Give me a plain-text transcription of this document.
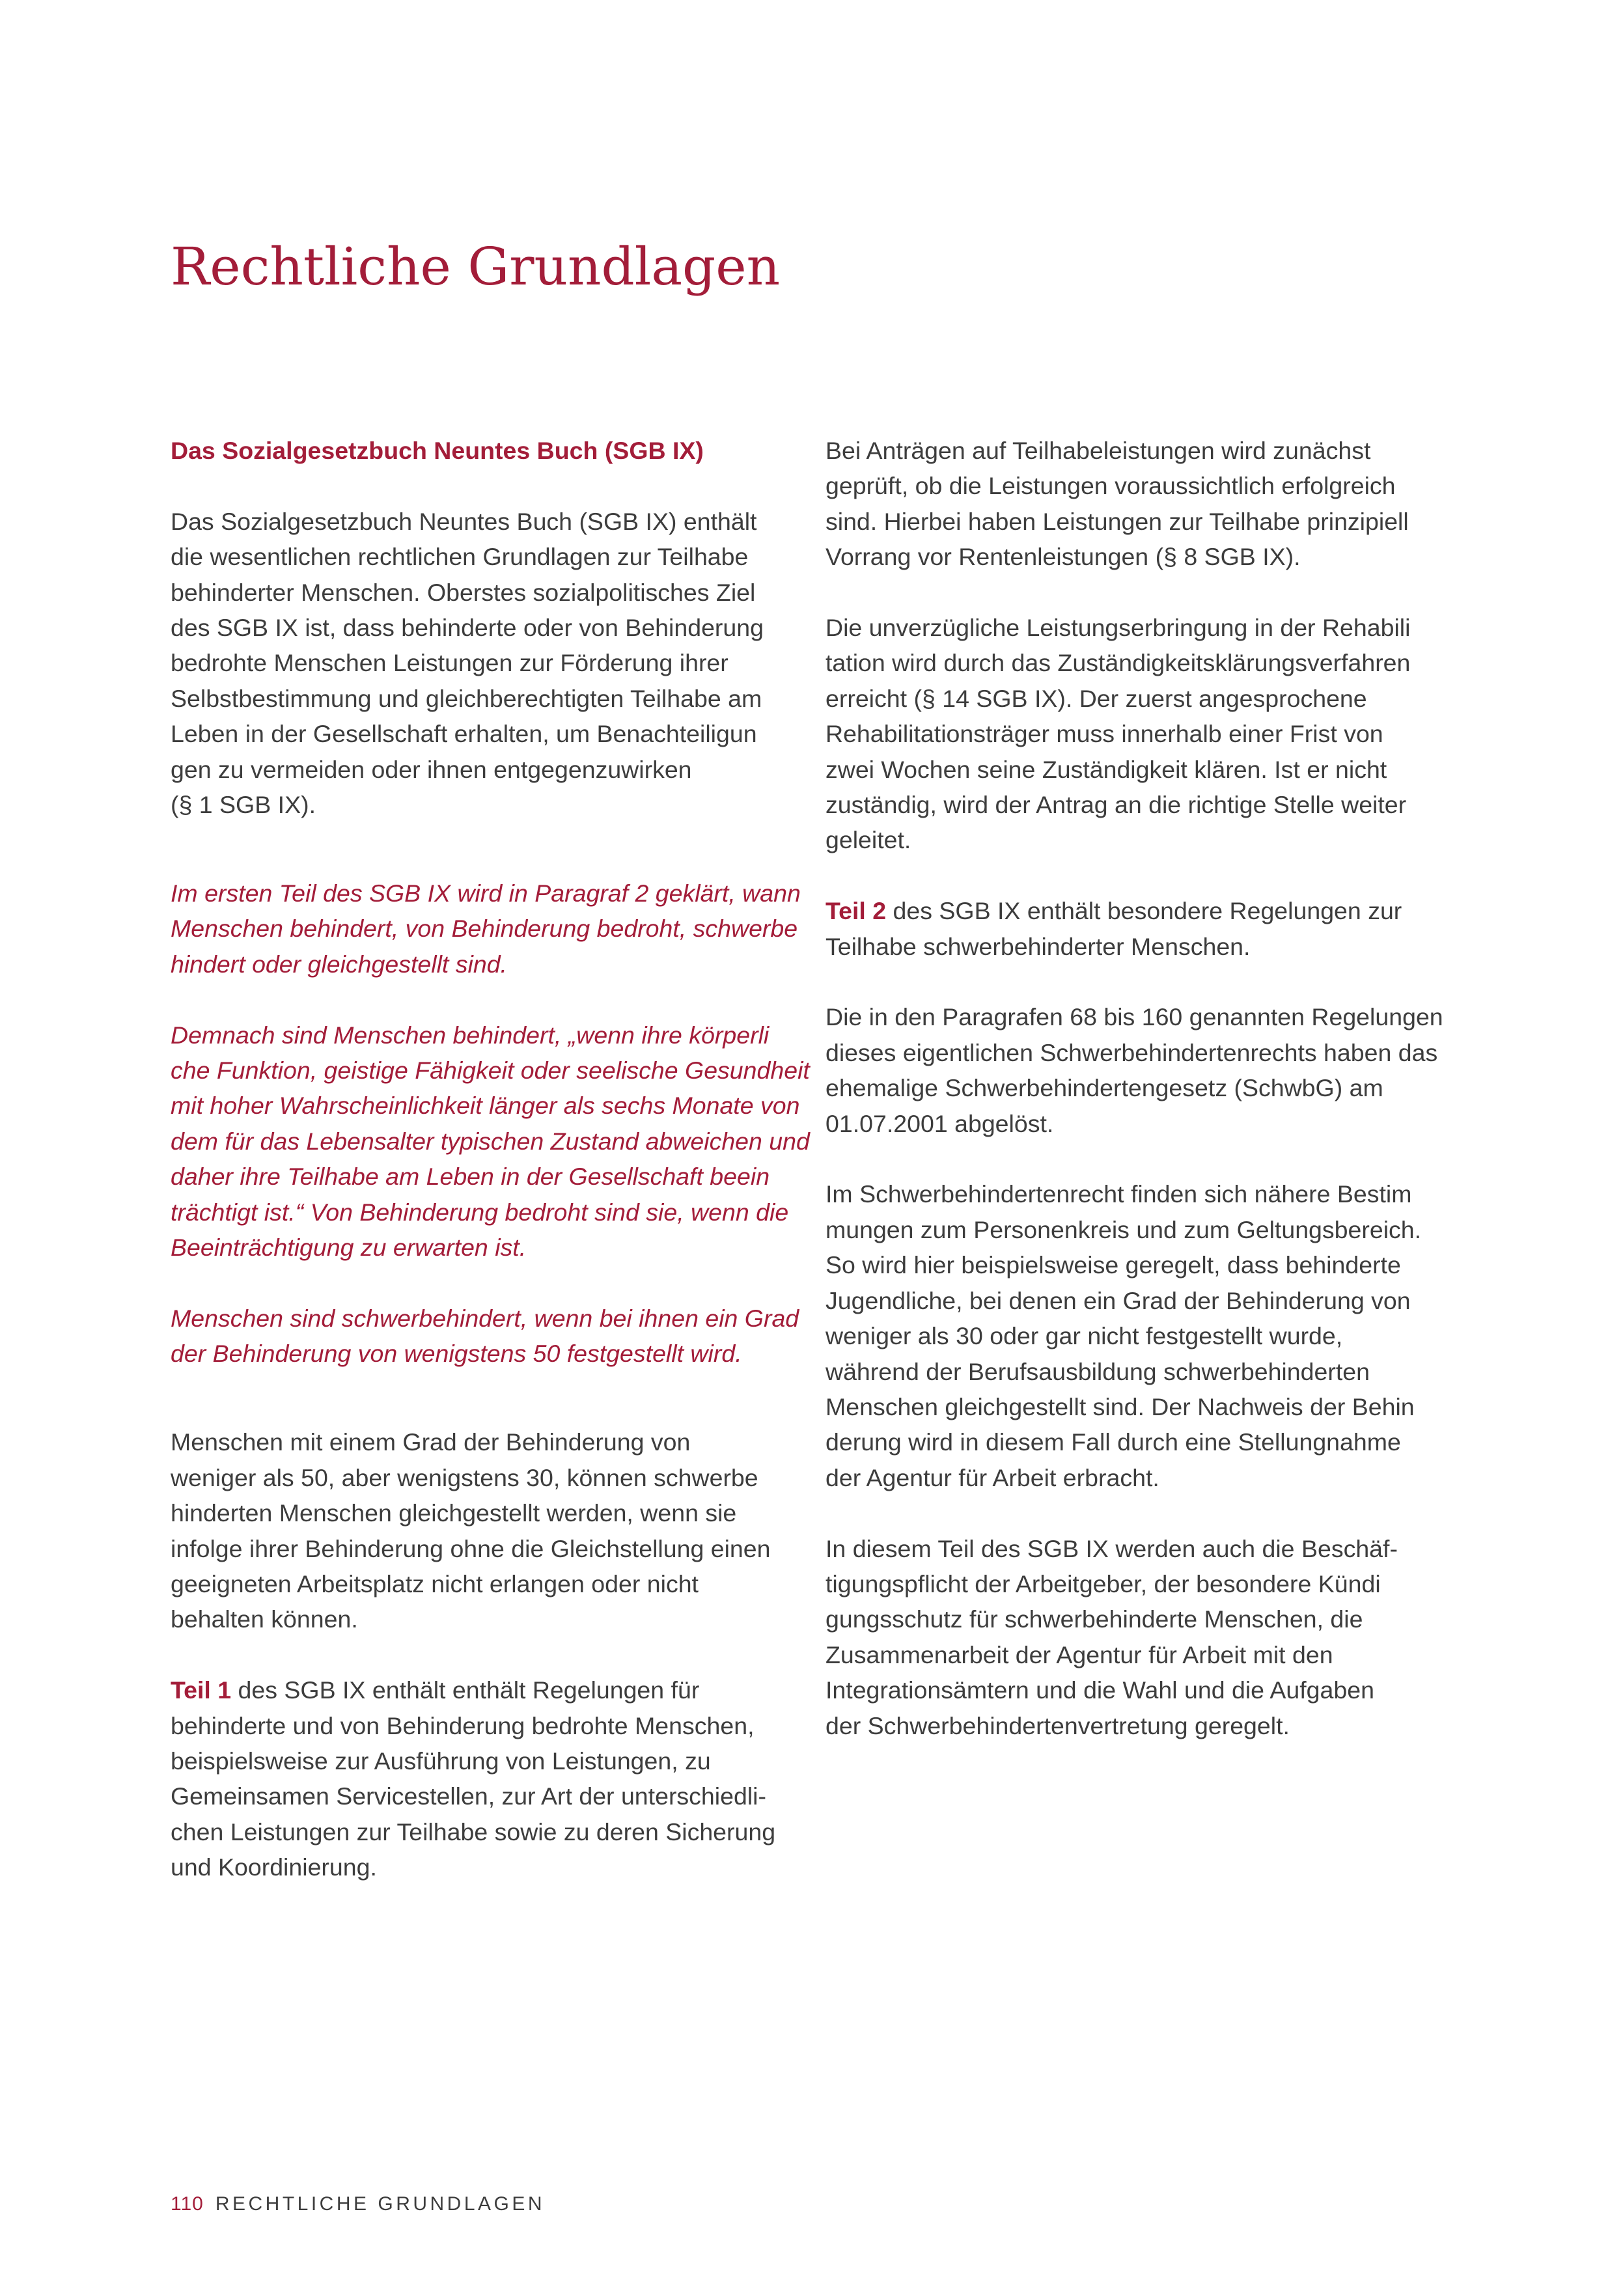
Rechtliche Grundlagen
Das Sozialgesetzbuch Neuntes Buch (SGB IX)

Das Sozialgesetzbuch Neuntes Buch (SGB IX) enthält

die wesentlichen rechtlichen Grundlagen zur Teilhabe

behinderter Menschen. Oberstes sozialpolitisches Ziel

des SGB IX ist, dass behinderte oder von Behinderung

bedrohte Menschen Leistungen zur Förderung ihrer

Selbstbestimmung und gleichberechtigten Teilhabe am

Leben in der Gesellschaft erhalten, um Benachteiligun

gen zu vermeiden oder ihnen entgegenzuwirken

(§ 1 SGB IX).

Im ersten Teil des SGB IX wird in Paragraf 2 geklärt, wann

Menschen behindert, von Behinderung bedroht, schwerbe

hindert oder gleichgestellt sind.

Demnach sind Menschen behindert, „wenn ihre körperli

che Funktion, geistige Fähigkeit oder seelische Gesundheit

mit hoher Wahrscheinlichkeit länger als sechs Monate von

dem für das Lebensalter typischen Zustand abweichen und

daher ihre Teilhabe am Leben in der Gesellschaft beein

trächtigt ist.“ Von Behinderung bedroht sind sie, wenn die

Beeinträchtigung zu erwarten ist.

Menschen sind schwerbehindert, wenn bei ihnen ein Grad

der Behinderung von wenigstens 50 festgestellt wird.

Menschen mit einem Grad der Behinderung von

weniger als 50, aber wenigstens 30, können schwerbe

hinderten Menschen gleichgestellt werden, wenn sie

infolge ihrer Behinderung ohne die Gleichstellung einen

geeigneten Arbeitsplatz nicht erlangen oder nicht

behalten können.

Teil 1 des SGB IX enthält enthält Regelungen für

behinderte und von Behinderung bedrohte Menschen,

beispielsweise zur Ausführung von Leistungen, zu

Gemeinsamen Servicestellen, zur Art der unterschiedli-

chen Leistungen zur Teilhabe sowie zu deren Sicherung

und Koordinierung.

Bei Anträgen auf Teilhabeleistungen wird zunächst

geprüft, ob die Leistungen voraussichtlich erfolgreich

sind. Hierbei haben Leistungen zur Teilhabe prinzipiell

Vorrang vor Rentenleistungen (§ 8 SGB IX).

Die unverzügliche Leistungserbringung in der Rehabili

tation wird durch das Zuständigkeitsklärungsverfahren

erreicht (§ 14 SGB IX). Der zuerst angesprochene

Rehabilitationsträger muss innerhalb einer Frist von

zwei Wochen seine Zuständigkeit klären. Ist er nicht

zuständig, wird der Antrag an die richtige Stelle weiter

geleitet.

Teil 2 des SGB IX enthält besondere Regelungen zur

Teilhabe schwerbehinderter Menschen.

Die in den Paragrafen 68 bis 160 genannten Regelungen

dieses eigentlichen Schwerbehindertenrechts haben das

ehemalige Schwerbehindertengesetz (SchwbG) am

01.07.2001 abgelöst.

Im Schwerbehindertenrecht finden sich nähere Bestim

mungen zum Personenkreis und zum Geltungsbereich.

So wird hier beispielsweise geregelt, dass behinderte

Jugendliche, bei denen ein Grad der Behinderung von

weniger als 30 oder gar nicht festgestellt wurde,

während der Berufsausbildung schwerbehinderten

Menschen gleichgestellt sind. Der Nachweis der Behin

derung wird in diesem Fall durch eine Stellungnahme

der Agentur für Arbeit erbracht.

In diesem Teil des SGB IX werden auch die Beschäf-

tigungspflicht der Arbeitgeber, der besondere Kündi

gungsschutz für schwerbehinderte Menschen, die

Zusammenarbeit der Agentur für Arbeit mit den

Integrationsämtern und die Wahl und die Aufgaben

der Schwerbehindertenvertretung geregelt.

110 RECHTLICHE GRUNDLAGEN
